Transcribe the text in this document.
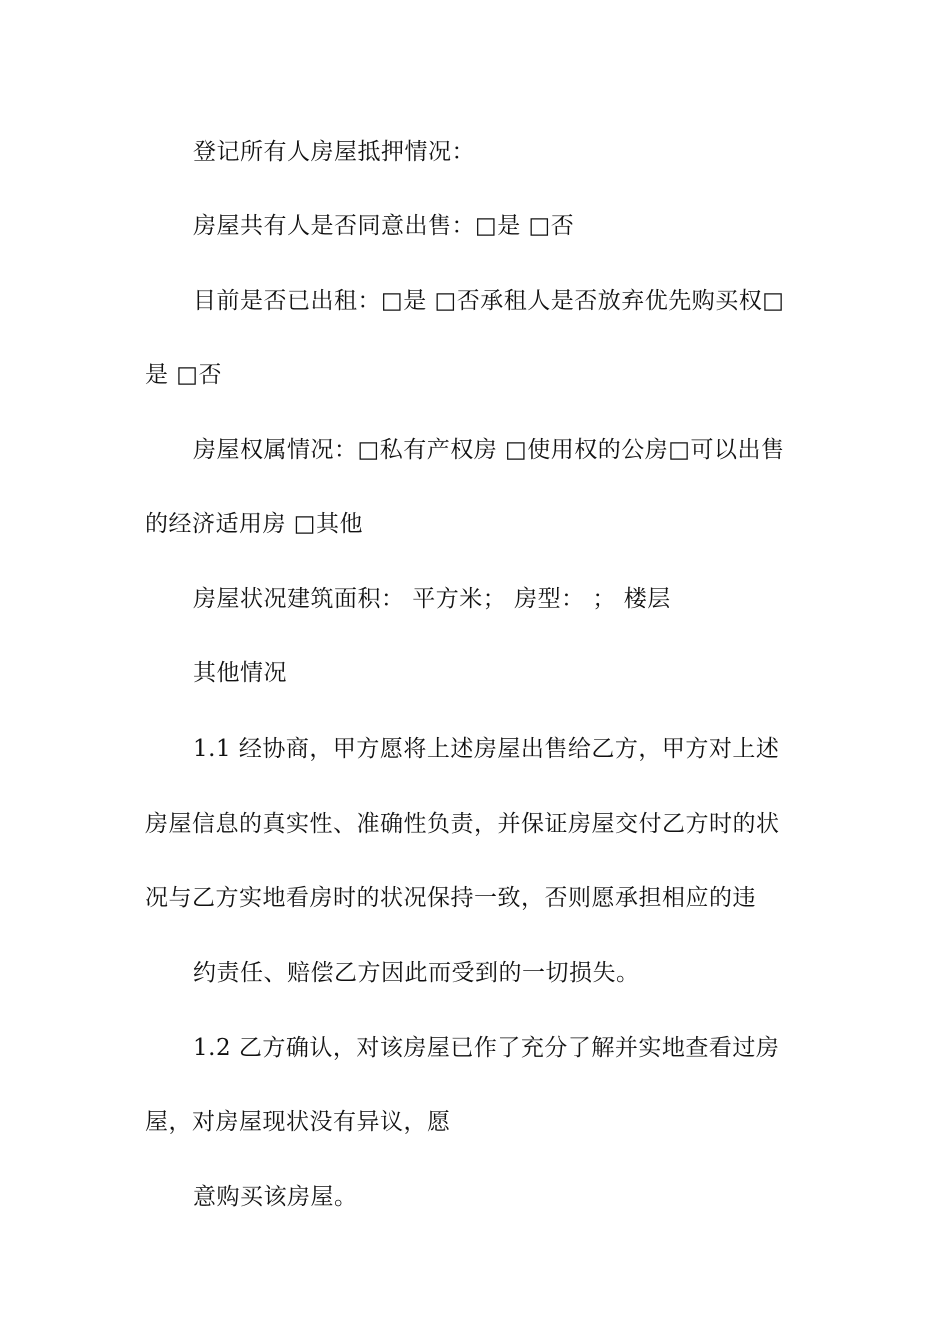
登记所有人房屋抵押情况：
房屋共有人是否同意出售：□是 □否
目前是否已出租：□是 □否承租人是否放弃优先购买权□
是 □否
房屋权属情况：□私有产权房 □使用权的公房□可以出售
的经济适用房 □其他
房屋状况建筑面积： 平方米； 房型： ； 楼层
其他情况
1.1 经协商，甲方愿将上述房屋出售给乙方，甲方对上述
房屋信息的真实性、准确性负责，并保证房屋交付乙方时的状
况与乙方实地看房时的状况保持一致，否则愿承担相应的违
约责任、赔偿乙方因此而受到的一切损失。
1.2 乙方确认，对该房屋已作了充分了解并实地查看过房
屋，对房屋现状没有异议，愿
意购买该房屋。
